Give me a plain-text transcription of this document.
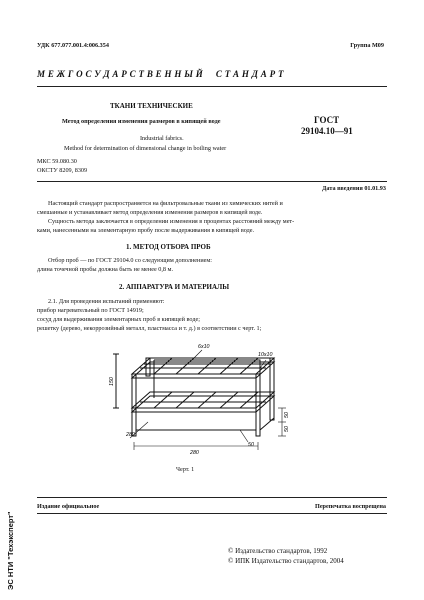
УДК 677.077.001.4:006.354	Группа М09
М Е Ж Г О С У Д А Р С Т В Е Н Н Ы Й     С Т А Н Д А Р Т
ТКАНИ ТЕХНИЧЕСКИЕ
Метод определения изменения размеров в кипящей воде
Industrial fabrics.
Method for determination of dimensional change in boiling water
ГОСТ
29104.10—91
МКС 59.080.30
ОКСТУ 8209, 8309
Дата введения 01.01.93
Настоящий стандарт распространяется на фильтровальные ткани из химических нитей и
смешанные и устанавливает метод определения изменения размеров в кипящей воде.
Сущность метода заключается в определении изменения в процентах расстояний между мет-
ками, нанесенными на элементарную пробу после выдерживания в кипящей воде.
1. МЕТОД ОТБОРА ПРОБ
Отбор проб — по ГОСТ 29104.0 со следующим дополнением:
длина точечной пробы должна быть не менее 0,8 м.
2. АППАРАТУРА И МАТЕРИАЛЫ
2.1. Для проведения испытаний применяют:
прибор нагревательный по ГОСТ 14919;
сосуд для выдерживания элементарных проб в кипящей воде;
решетку (дерево, некоррозийный металл, пластмасса и т. д.) в соответствии с черт. 1;
6x10
10x10
150
280
280
50
50
50
Черт. 1
Издание официальное	Перепечатка воспрещена
© Издательство стандартов, 1992
© ИПК Издательство стандартов, 2004
ЭС НТИ "Техэксперт"
